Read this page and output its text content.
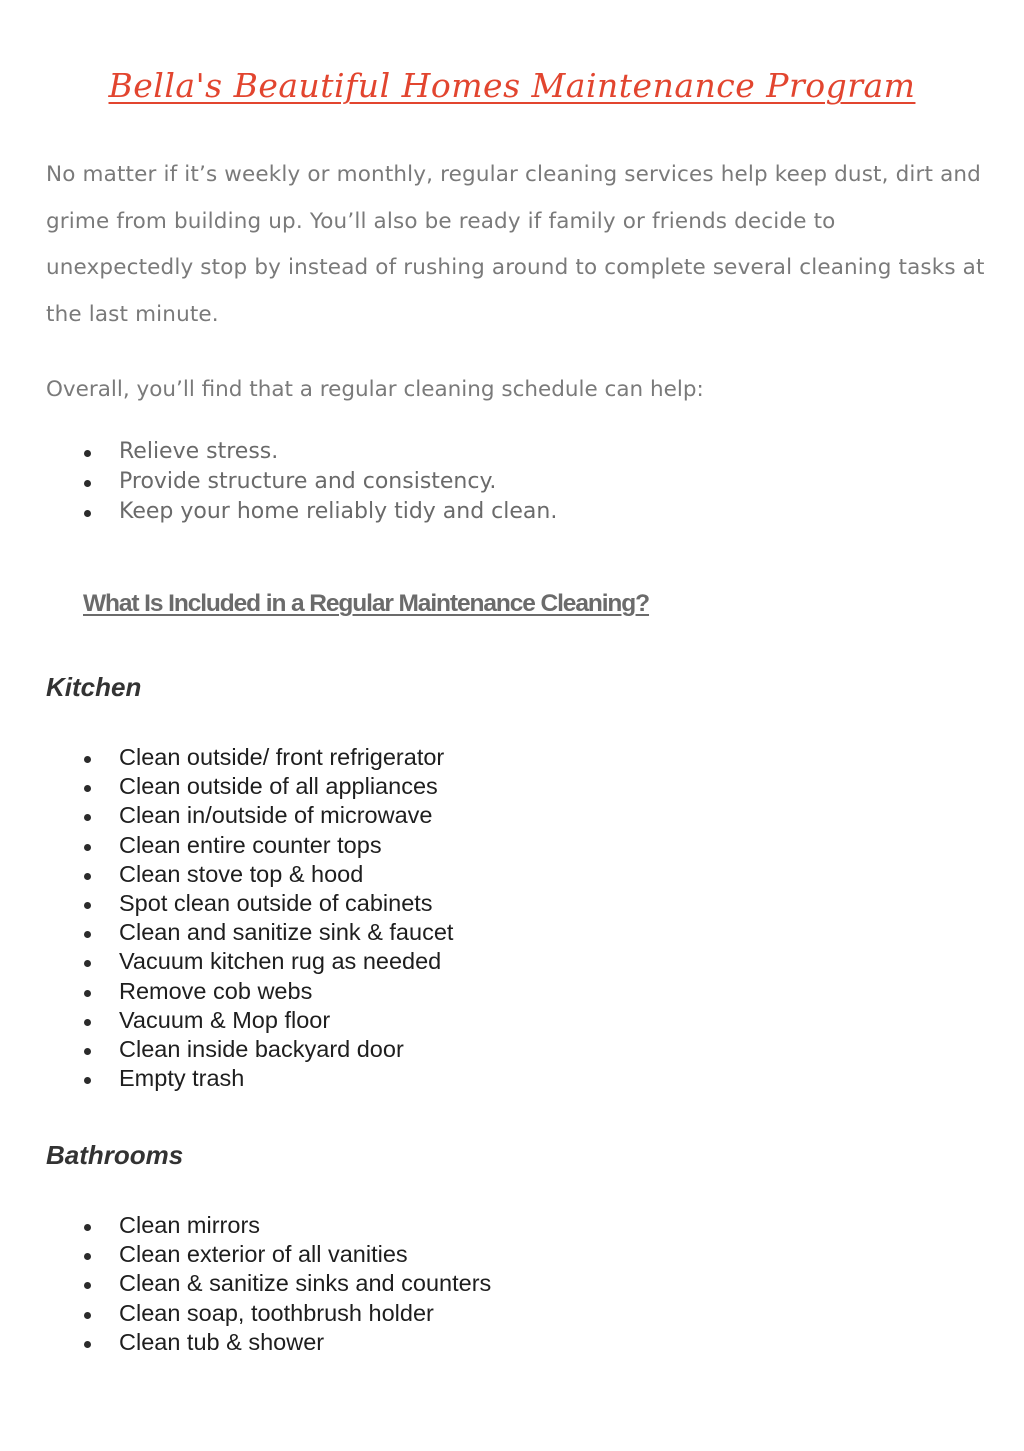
Bella's Beautiful Homes Maintenance Program

No matter if it’s weekly or monthly, regular cleaning services help keep dust, dirt and
grime from building up. You’ll also be ready if family or friends decide to
unexpectedly stop by instead of rushing around to complete several cleaning tasks at
the last minute.

Overall, you’ll find that a regular cleaning schedule can help:

Relieve stress.
Provide structure and consistency.
Keep your home reliably tidy and clean.
What Is Included in a Regular Maintenance Cleaning?
Kitchen
Clean outside/ front refrigerator
Clean outside of all appliances
Clean in/outside of microwave
Clean entire counter tops
Clean stove top & hood
Spot clean outside of cabinets
Clean and sanitize sink & faucet
Vacuum kitchen rug as needed
Remove cob webs
Vacuum & Mop floor
Clean inside backyard door
Empty trash
Bathrooms
Clean mirrors
Clean exterior of all vanities
Clean & sanitize sinks and counters
Clean soap, toothbrush holder
Clean tub & shower
